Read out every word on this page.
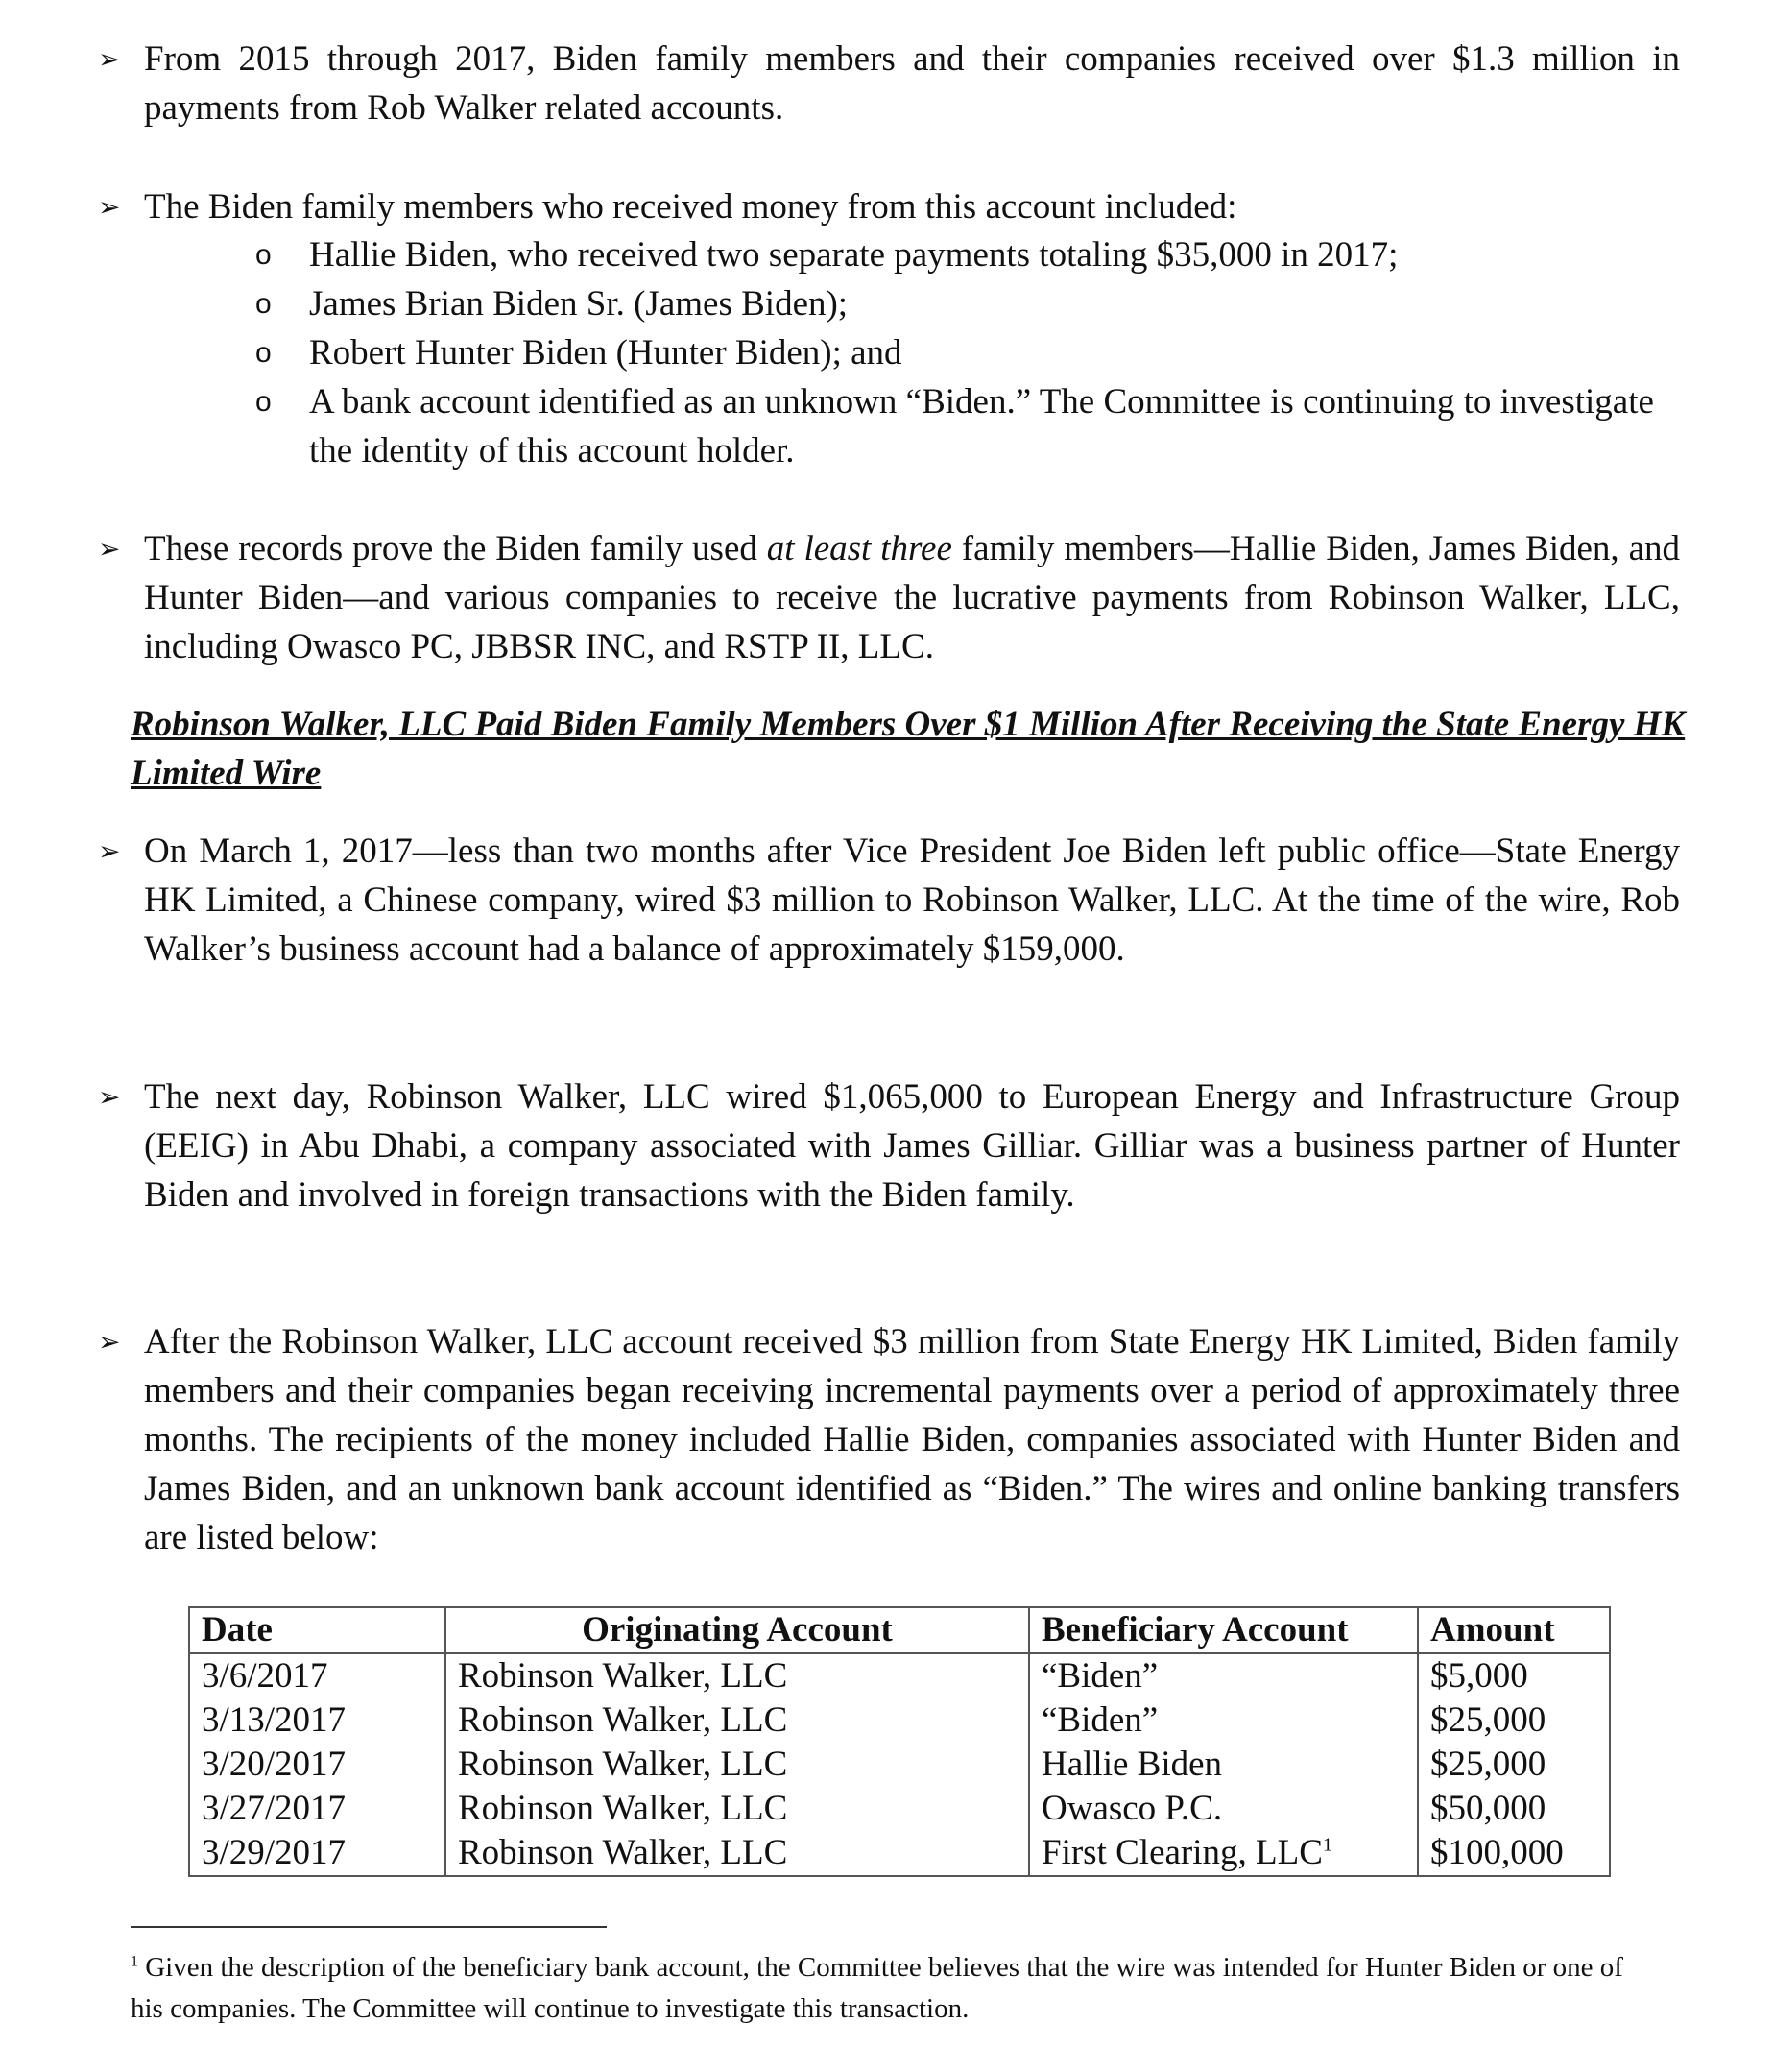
➢ From 2015 through 2017, Biden family members and their companies received over $1.3 million in payments from Rob Walker related accounts.

➢ The Biden family members who received money from this account included:

o Hallie Biden, who received two separate payments totaling $35,000 in 2017;

o James Brian Biden Sr. (James Biden);

o Robert Hunter Biden (Hunter Biden); and

o A bank account identified as an unknown “Biden.” The Committee is continuing to investigate the identity of this account holder.

➢ These records prove the Biden family used at least three family members—Hallie Biden, James Biden, and Hunter Biden—and various companies to receive the lucrative payments from Robinson Walker, LLC, including Owasco PC, JBBSR INC, and RSTP II, LLC.

Robinson Walker, LLC Paid Biden Family Members Over $1 Million After Receiving the State Energy HK Limited Wire

➢ On March 1, 2017—less than two months after Vice President Joe Biden left public office—State Energy HK Limited, a Chinese company, wired $3 million to Robinson Walker, LLC. At the time of the wire, Rob Walker’s business account had a balance of approximately $159,000.

➢ The next day, Robinson Walker, LLC wired $1,065,000 to European Energy and Infrastructure Group (EEIG) in Abu Dhabi, a company associated with James Gilliar. Gilliar was a business partner of Hunter Biden and involved in foreign transactions with the Biden family.

➢ After the Robinson Walker, LLC account received $3 million from State Energy HK Limited, Biden family members and their companies began receiving incremental payments over a period of approximately three months. The recipients of the money included Hallie Biden, companies associated with Hunter Biden and James Biden, and an unknown bank account identified as “Biden.” The wires and online banking transfers are listed below:

Date	Originating Account	Beneficiary Account	Amount
3/6/2017	Robinson Walker, LLC	“Biden”	$5,000
3/13/2017	Robinson Walker, LLC	“Biden”	$25,000
3/20/2017	Robinson Walker, LLC	Hallie Biden	$25,000
3/27/2017	Robinson Walker, LLC	Owasco P.C.	$50,000
3/29/2017	Robinson Walker, LLC	First Clearing, LLC$^1$	$100,000

$^1$ Given the description of the beneficiary bank account, the Committee believes that the wire was intended for Hunter Biden or one of his companies. The Committee will continue to investigate this transaction.
